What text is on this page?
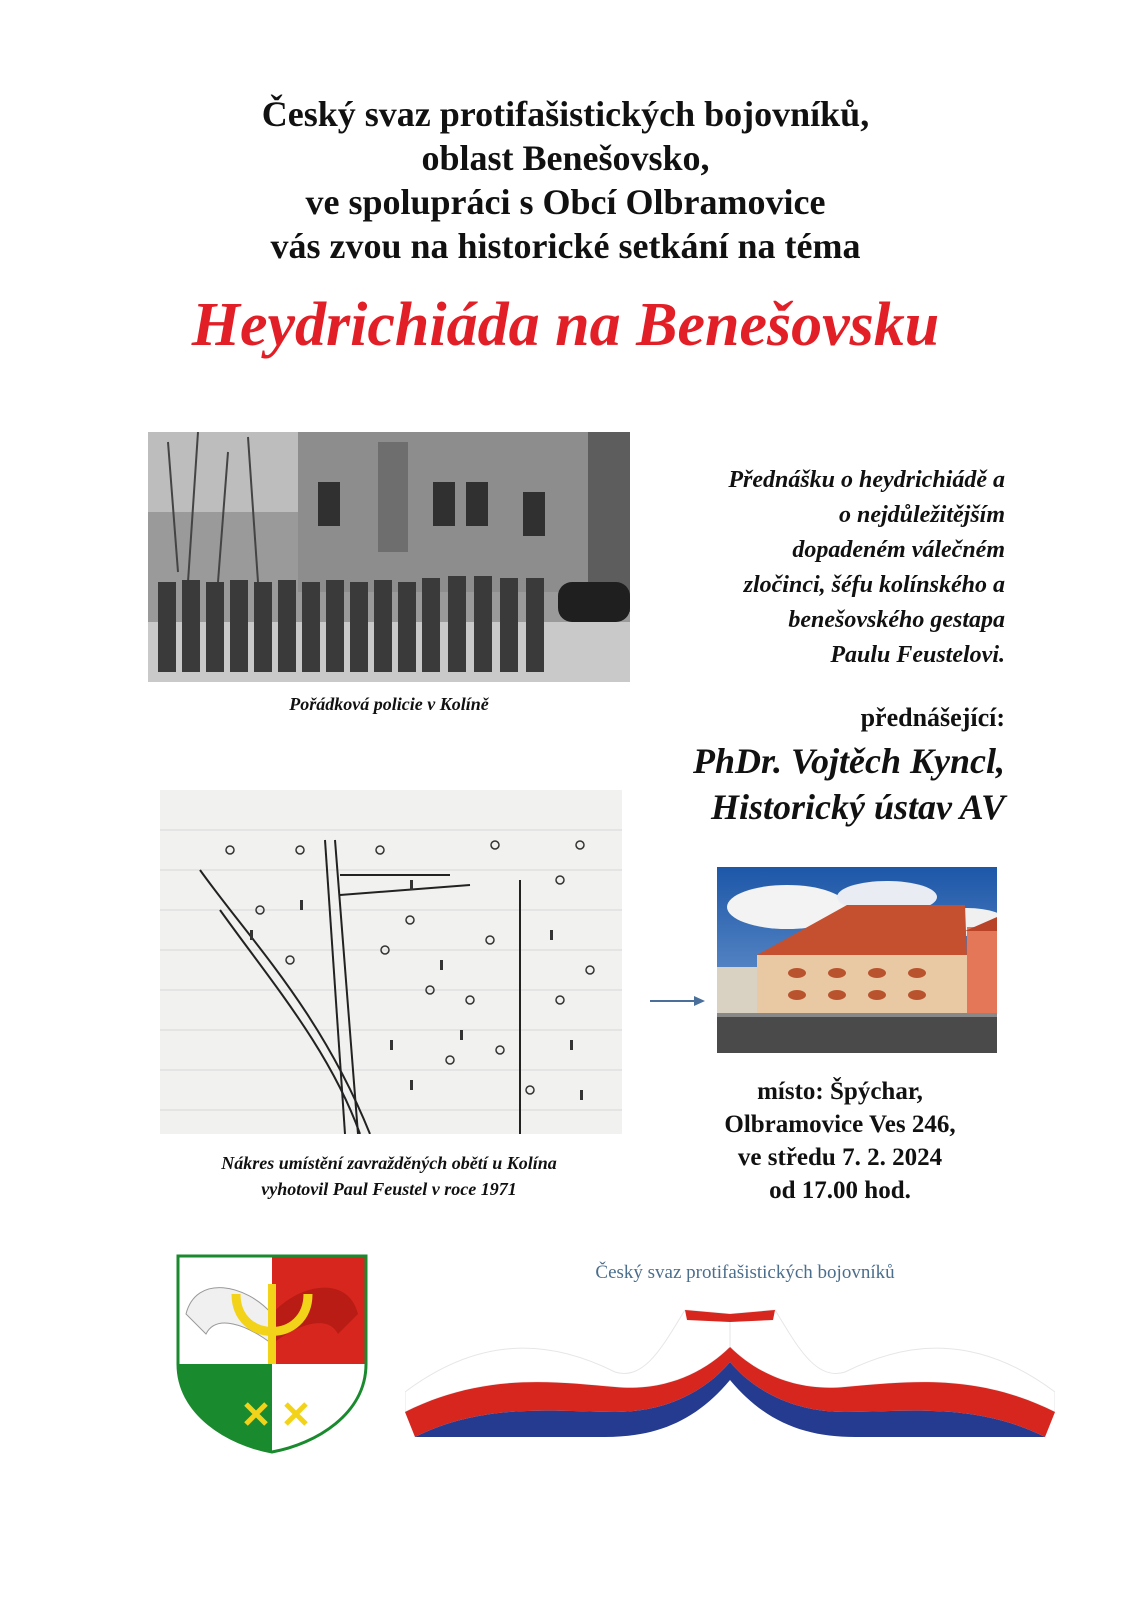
Český svaz protifašistických bojovníků,
oblast Benešovsko,
ve spolupráci s Obcí Olbramovice
vás zvou na historické setkání na téma
Heydrichiáda na Benešovsku
Pořádková policie v Kolíně
Přednášku o heydrichiádě a
o nejdůležitějším
dopadeném válečném
zločinci, šéfu kolínského a
benešovského gestapa
Paulu Feustelovi.
přednášející:
PhDr. Vojtěch Kyncl,
Historický ústav AV
Nákres umístění zavražděných obětí u Kolína
vyhotovil Paul Feustel v roce 1971
místo: Špýchar,
Olbramovice Ves 246,
ve středu 7. 2. 2024
od 17.00 hod.
Český svaz protifašistických bojovníků
